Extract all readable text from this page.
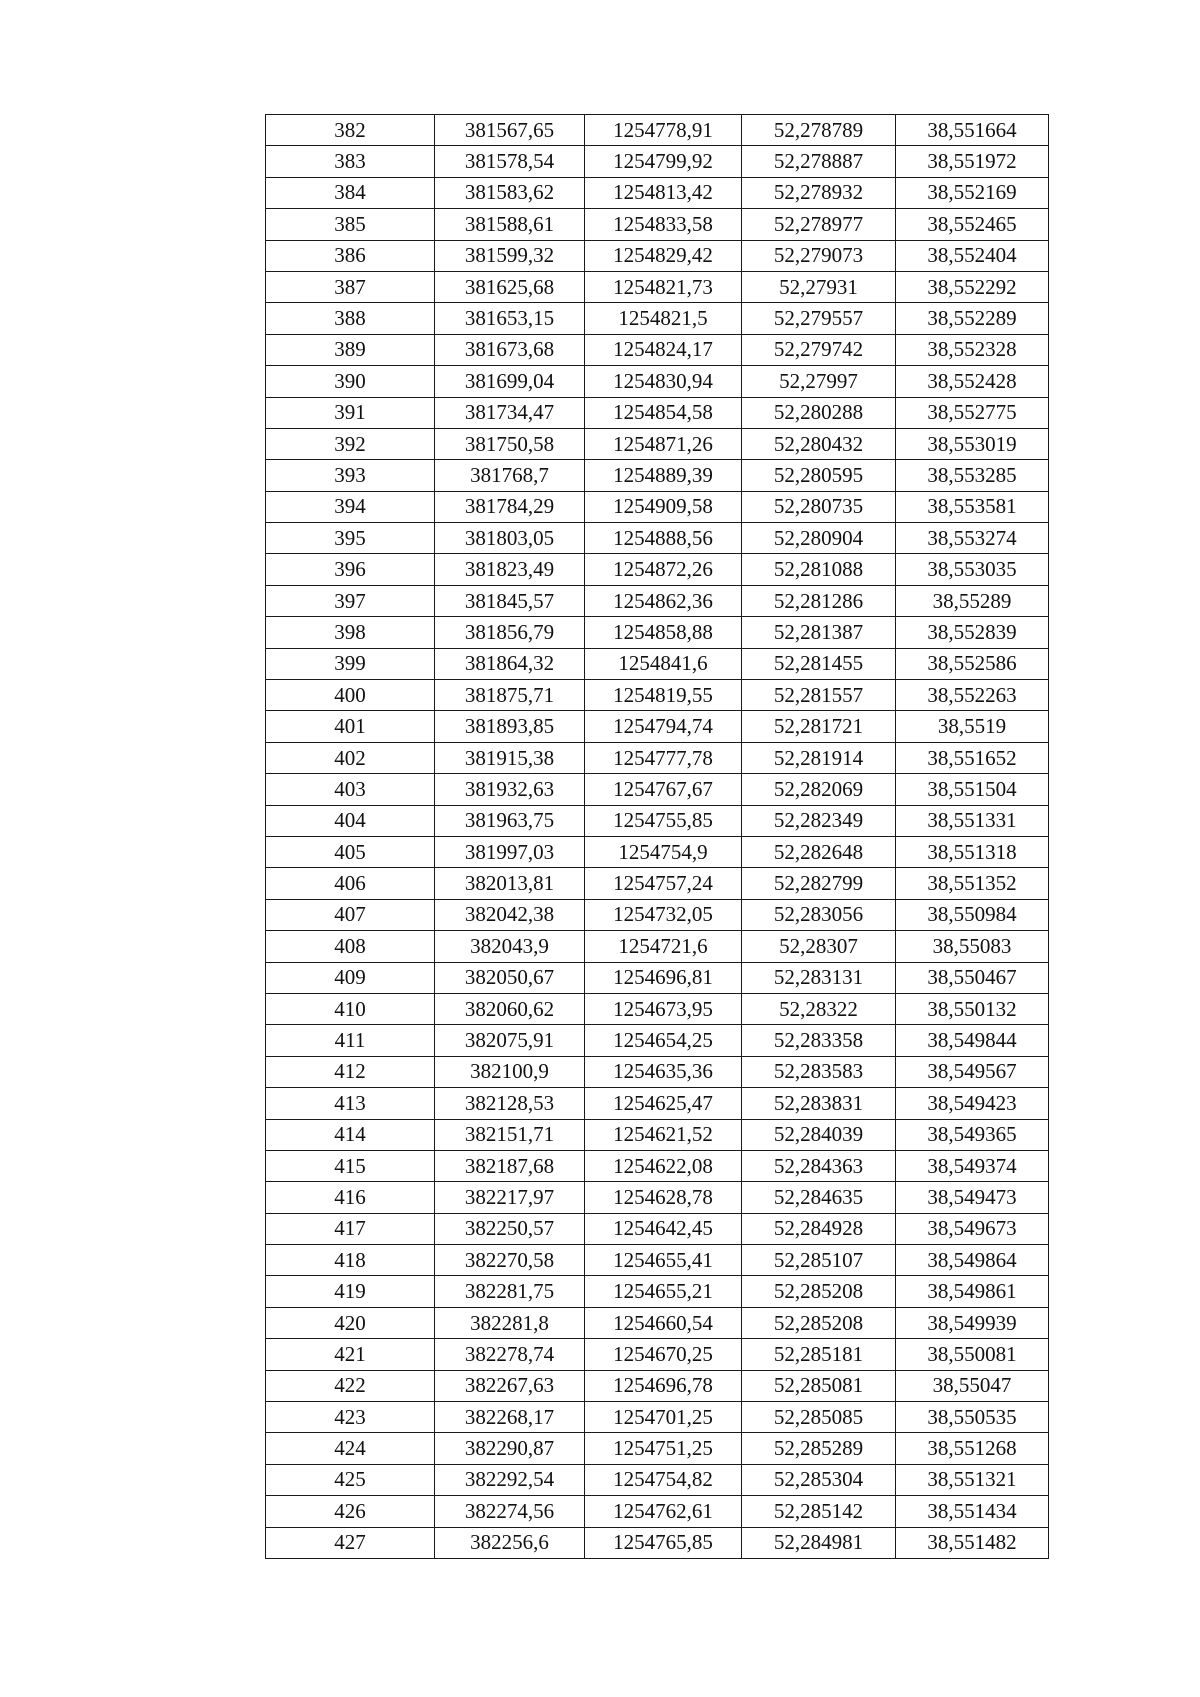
382	381567,65	1254778,91	52,278789	38,551664
383	381578,54	1254799,92	52,278887	38,551972
384	381583,62	1254813,42	52,278932	38,552169
385	381588,61	1254833,58	52,278977	38,552465
386	381599,32	1254829,42	52,279073	38,552404
387	381625,68	1254821,73	52,27931	38,552292
388	381653,15	1254821,5	52,279557	38,552289
389	381673,68	1254824,17	52,279742	38,552328
390	381699,04	1254830,94	52,27997	38,552428
391	381734,47	1254854,58	52,280288	38,552775
392	381750,58	1254871,26	52,280432	38,553019
393	381768,7	1254889,39	52,280595	38,553285
394	381784,29	1254909,58	52,280735	38,553581
395	381803,05	1254888,56	52,280904	38,553274
396	381823,49	1254872,26	52,281088	38,553035
397	381845,57	1254862,36	52,281286	38,55289
398	381856,79	1254858,88	52,281387	38,552839
399	381864,32	1254841,6	52,281455	38,552586
400	381875,71	1254819,55	52,281557	38,552263
401	381893,85	1254794,74	52,281721	38,5519
402	381915,38	1254777,78	52,281914	38,551652
403	381932,63	1254767,67	52,282069	38,551504
404	381963,75	1254755,85	52,282349	38,551331
405	381997,03	1254754,9	52,282648	38,551318
406	382013,81	1254757,24	52,282799	38,551352
407	382042,38	1254732,05	52,283056	38,550984
408	382043,9	1254721,6	52,28307	38,55083
409	382050,67	1254696,81	52,283131	38,550467
410	382060,62	1254673,95	52,28322	38,550132
411	382075,91	1254654,25	52,283358	38,549844
412	382100,9	1254635,36	52,283583	38,549567
413	382128,53	1254625,47	52,283831	38,549423
414	382151,71	1254621,52	52,284039	38,549365
415	382187,68	1254622,08	52,284363	38,549374
416	382217,97	1254628,78	52,284635	38,549473
417	382250,57	1254642,45	52,284928	38,549673
418	382270,58	1254655,41	52,285107	38,549864
419	382281,75	1254655,21	52,285208	38,549861
420	382281,8	1254660,54	52,285208	38,549939
421	382278,74	1254670,25	52,285181	38,550081
422	382267,63	1254696,78	52,285081	38,55047
423	382268,17	1254701,25	52,285085	38,550535
424	382290,87	1254751,25	52,285289	38,551268
425	382292,54	1254754,82	52,285304	38,551321
426	382274,56	1254762,61	52,285142	38,551434
427	382256,6	1254765,85	52,284981	38,551482
